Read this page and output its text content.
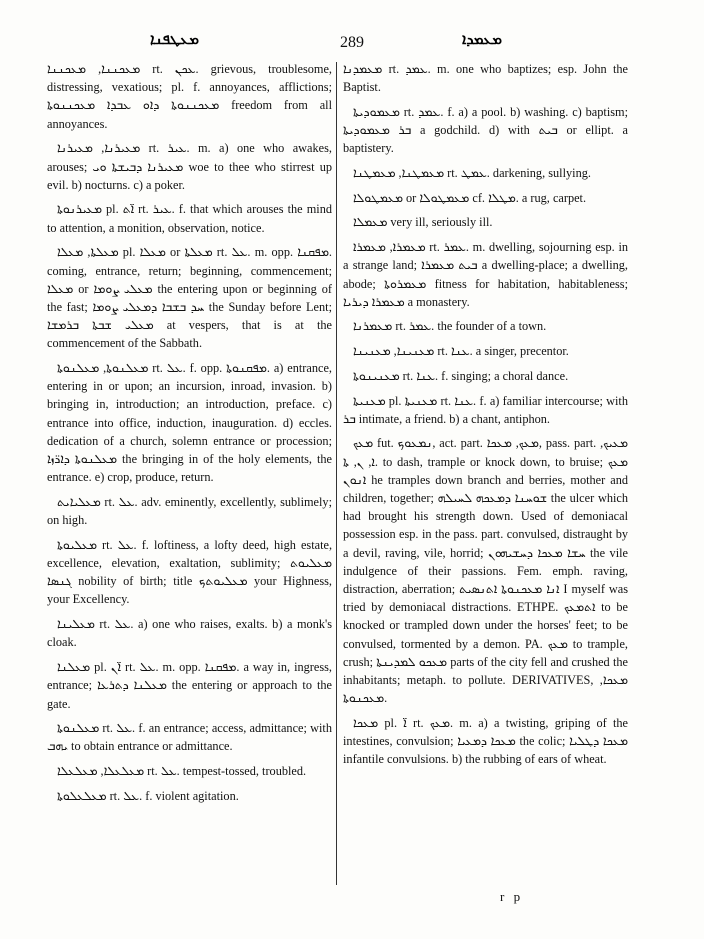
ܡܥܛܦܢܐ	289	ܡܥܡܕܐ

ܡܥܟܢܢܐ, ܡܥܟܢܢܐ rt. ܥܟܢ. grievous, troublesome, distressing, vexatious; pl. f. annoyances, afflictions; ܡܥܟܢܢܘܬܐ ܕܐܘ ܥܒܕܐ ܡܥܟܢܢܘܬܐ freedom from all annoyances.

ܡܥܝܪܢܐ, ܡܥܝܪܢܐ rt. ܥܝܪ. m. a) one who awakes, arouses; ܡܥܝܪܢܐ ܕܒܝܫܬܐ ܘܝ woe to thee who stirrest up evil. b) nocturns. c) a poker.

ܡܥܝܪܢܘܬܐ pl. ܐ̈ܬ rt. ܥܝܪ. f. that which arouses the mind to attention, a monition, observation, notice.

ܡܥܠܬܐ, ܡܥܠܐ pl. ܡܥܠܐ or ܡܥܠܬܐ rt. ܥܠ. m. opp. ܡܦܩܢܐ. coming, entrance, return; beginning, commencement; ܡܥܠܐ or ܡܥܠܝ ܨܘܡܐ the entering upon or beginning of the fast; ܚܕ ܒܫܒܐ ܕܡܥܠܝ ܨܘܡܐ the Sunday before Lent; ܡܥܠܝ ܫܒܬܐ ܒܪܡܫܐ at vespers, that is at the commencement of the Sabbath.

ܡܥܠܢܘܬܐ, ܡܥܠܢܘܬܐ rt. ܥܠ. f. opp. ܡܦܩܢܘܬܐ. a) entrance, entering in or upon; an incursion, inroad, invasion. b) bringing in, introduction; an introduction, preface. c) entrance into office, induction, inauguration. d) eccles. dedication of a church, solemn entrance or procession; ܡܥܠܢܘܬܐ ܕܐܪ̈ܙܐ the bringing in of the holy elements, the entrance. e) crop, produce, return.

ܡܥܠܝܐܝܬ rt. ܥܠ. adv. eminently, excellently, sublimely; on high.

ܡܥܠܝܘܬܐ rt. ܥܠ. f. loftiness, a lofty deed, high estate, excellence, elevation, exaltation, sublimity; ܡܥܠܝܘܬ ܓܢܣܐ nobility of birth; title ܡܥܠܝܘܬܟ your Highness, your Excellency.

ܡܥܠܝܢܐ rt. ܥܠ. a) one who raises, exalts. b) a monk's cloak.

ܡܥܠܢܐ pl. ܐ̈ܢ rt. ܥܠ. m. opp. ܡܦܩܢܐ. a way in, ingress, entrance; ܡܥܠܢܐ ܕܬܪܥܐ the entering or approach to the gate.

ܡܥܠܢܘܬܐ rt. ܥܠ. f. an entrance; access, admittance; with ܝܗܒ to obtain entrance or admittance.

ܡܥܠܥܠܐ, ܡܥܠܥܠܐ rt. ܥܠ. tempest-tossed, troubled.

ܡܥܠܥܠܘܬܐ rt. ܥܠ. f. violent agitation.

ܡܥܡܕܢܐ rt. ܥܡܕ. m. one who baptizes; esp. John the Baptist.

ܡܥܡܘܕܝܬܐ rt. ܥܡܕ. f. a) a pool. b) washing. c) baptism; ܒܪ ܡܥܡܘܕܝܬܐ a godchild. d) with ܒܝܬ or ellipt. a baptistery.

ܡܥܡܛܢܐ, ܡܥܡܛܢܐ rt. ܥܡܛ. darkening, sullying.

ܡܥܡܛܘܠܐ or ܡܥܡܛܘܠܐ cf. ܡܛܠܐ. a rug, carpet.

ܡܥܡܠܐ very ill, seriously ill.

ܡܥܡܪܐ, ܡܥܡܪܐ rt. ܥܡܪ. m. dwelling, sojourning esp. in a strange land; ܒܝܬ ܡܥܡܪܐ a dwelling-place; a dwelling, abode; ܡܥܡܪܘܬܐ fitness for habitation, habitableness; ܡܥܡܪܐ ܕܝܪܝܐ a monastery.

ܡܥܡܪܢܐ rt. ܥܡܪ. the founder of a town.

ܡܥܢܝܢܐ, ܡܥܢܝܢܐ rt. ܥܢܐ. a singer, precentor.

ܡܥܢܝܢܘܬܐ rt. ܥܢܐ. f. singing; a choral dance.

ܡܥܢܝܬܐ pl. ܡܥܢܝܬܐ rt. ܥܢܐ. f. a) familiar intercourse; with ܒܪ intimate, a friend. b) a chant, antiphon.

ܡܥܟ fut. ܢܡܥܘܟ, act. part. ܡܥܟ, ܡܥܟܐ, pass. part. ܡܥܝܟ, ܐ, ܢ, ܬܐ. to dash, trample or knock down, to bruise; ܡܥܟ ܐܢܘܢ he tramples down branch and berries, mother and children, together; ܫܘܚܢܐ ܕܡܥܟܗ ܠܚܝܠܗ the ulcer which had brought his strength down. Used of demoniacal possession esp. in the pass. part. convulsed, distraught by a devil, raving, vile, horrid; ܚܫܐ ܡܥܟܐ ܕܚܫܝܗܘܢ the vile indulgence of their passions. Fem. emph. raving, distraction, aberration; ܐܢܐ ܡܥܟܢܘܬܐ ܐܬܢܣܝܬ I myself was tried by demoniacal distractions. ETHPE. ܐܬܡܥܟ to be knocked or trampled down under the horses' feet; to be convulsed, tormented by a demon. PA. ܡܥܟ to trample, crush; ܡܥܟܘ ܠܡܕܝܢܬܐ parts of the city fell and crushed the inhabitants; metaph. to pollute. DERIVATIVES, ܡܥܟܐ, ܡܥܟܢܘܬܐ.

ܡܥܟܐ pl. ܐ̈ rt. ܡܥܟ. m. a) a twisting, griping of the intestines, convulsion; ܡܥܟܐ ܕܡܥܝܐ the colic; ܡܥܟܐ ܕܛܠܝܐ infantile convulsions. b) the rubbing of ears of wheat.

r p
